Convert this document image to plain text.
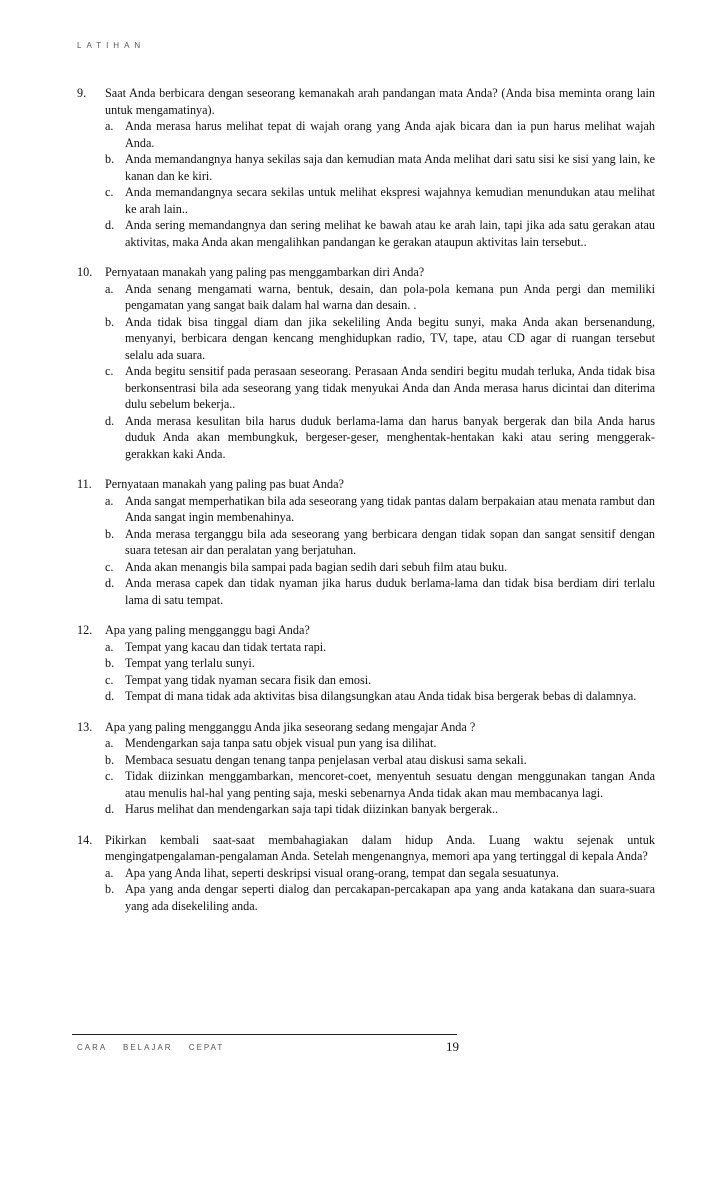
LATIHAN
9.	Saat Anda berbicara dengan seseorang kemanakah arah pandangan mata Anda? (Anda bisa meminta orang lain untuk mengamatinya).
a. Anda merasa harus melihat tepat di wajah orang yang Anda ajak bicara dan ia pun harus melihat wajah Anda.
b. Anda memandangnya hanya sekilas saja dan kemudian mata Anda melihat dari satu sisi ke sisi yang lain, ke kanan dan ke kiri.
c. Anda memandangnya secara sekilas untuk melihat ekspresi wajahnya kemudian menundukan atau melihat ke arah lain..
d. Anda sering memandangnya dan sering melihat ke bawah atau ke arah lain, tapi jika ada satu gerakan atau aktivitas, maka Anda akan mengalihkan pandangan ke gerakan ataupun aktivitas lain tersebut..
10.	Pernyataan manakah yang paling pas menggambarkan diri Anda?
a. Anda senang mengamati warna, bentuk, desain, dan pola-pola kemana pun Anda pergi dan memiliki pengamatan yang sangat baik dalam hal warna dan desain. .
b. Anda tidak bisa tinggal diam dan jika sekeliling Anda begitu sunyi, maka Anda akan bersenandung, menyanyi, berbicara dengan kencang menghidupkan radio, TV, tape, atau CD agar di ruangan tersebut selalu ada suara.
c. Anda begitu sensitif pada perasaan seseorang. Perasaan Anda sendiri begitu mudah terluka, Anda tidak bisa berkonsentrasi bila ada seseorang yang tidak menyukai Anda dan Anda merasa harus dicintai dan diterima dulu sebelum bekerja..
d. Anda merasa kesulitan bila harus duduk berlama-lama dan harus banyak bergerak dan bila Anda harus duduk Anda akan membungkuk, bergeser-geser, menghentak-hentakan kaki atau sering menggerak-gerakkan kaki Anda.
11.	Pernyataan manakah yang paling pas buat Anda?
a. Anda sangat memperhatikan bila ada seseorang yang tidak pantas dalam berpakaian atau menata rambut dan Anda sangat ingin membenahinya.
b. Anda merasa terganggu bila ada seseorang yang berbicara dengan tidak sopan dan sangat sensitif dengan suara tetesan air dan peralatan yang berjatuhan.
c. Anda akan menangis bila sampai pada bagian sedih dari sebuh film atau buku.
d. Anda merasa capek dan tidak nyaman jika harus duduk berlama-lama dan tidak bisa berdiam diri terlalu lama di satu tempat.
12.	Apa yang paling mengganggu bagi Anda?
a. Tempat yang kacau dan tidak tertata rapi.
b. Tempat yang terlalu sunyi.
c. Tempat yang tidak nyaman secara fisik dan emosi.
d. Tempat di mana tidak ada aktivitas bisa dilangsungkan atau Anda tidak bisa bergerak bebas di dalamnya.
13.	Apa yang paling mengganggu Anda jika seseorang sedang mengajar Anda ?
a. Mendengarkan saja tanpa satu objek visual pun yang isa dilihat.
b. Membaca sesuatu dengan tenang tanpa penjelasan verbal atau diskusi sama sekali.
c. Tidak diizinkan menggambarkan, mencoret-coet, menyentuh sesuatu dengan menggunakan tangan Anda atau menulis hal-hal yang penting saja, meski sebenarnya Anda tidak akan mau membacanya lagi.
d. Harus melihat dan mendengarkan saja tapi tidak diizinkan banyak bergerak..
14.	Pikirkan kembali saat-saat membahagiakan dalam hidup Anda. Luang waktu sejenak untuk mengingatpengalaman-pengalaman Anda. Setelah mengenangnya, memori apa yang tertinggal di kepala Anda?
a. Apa yang Anda lihat, seperti deskripsi visual orang-orang, tempat dan segala sesuatunya.
b. Apa yang anda dengar seperti dialog dan percakapan-percakapan apa yang anda katakana dan suara-suara yang ada disekeliling anda.
CARA BELAJAR CEPAT	19
